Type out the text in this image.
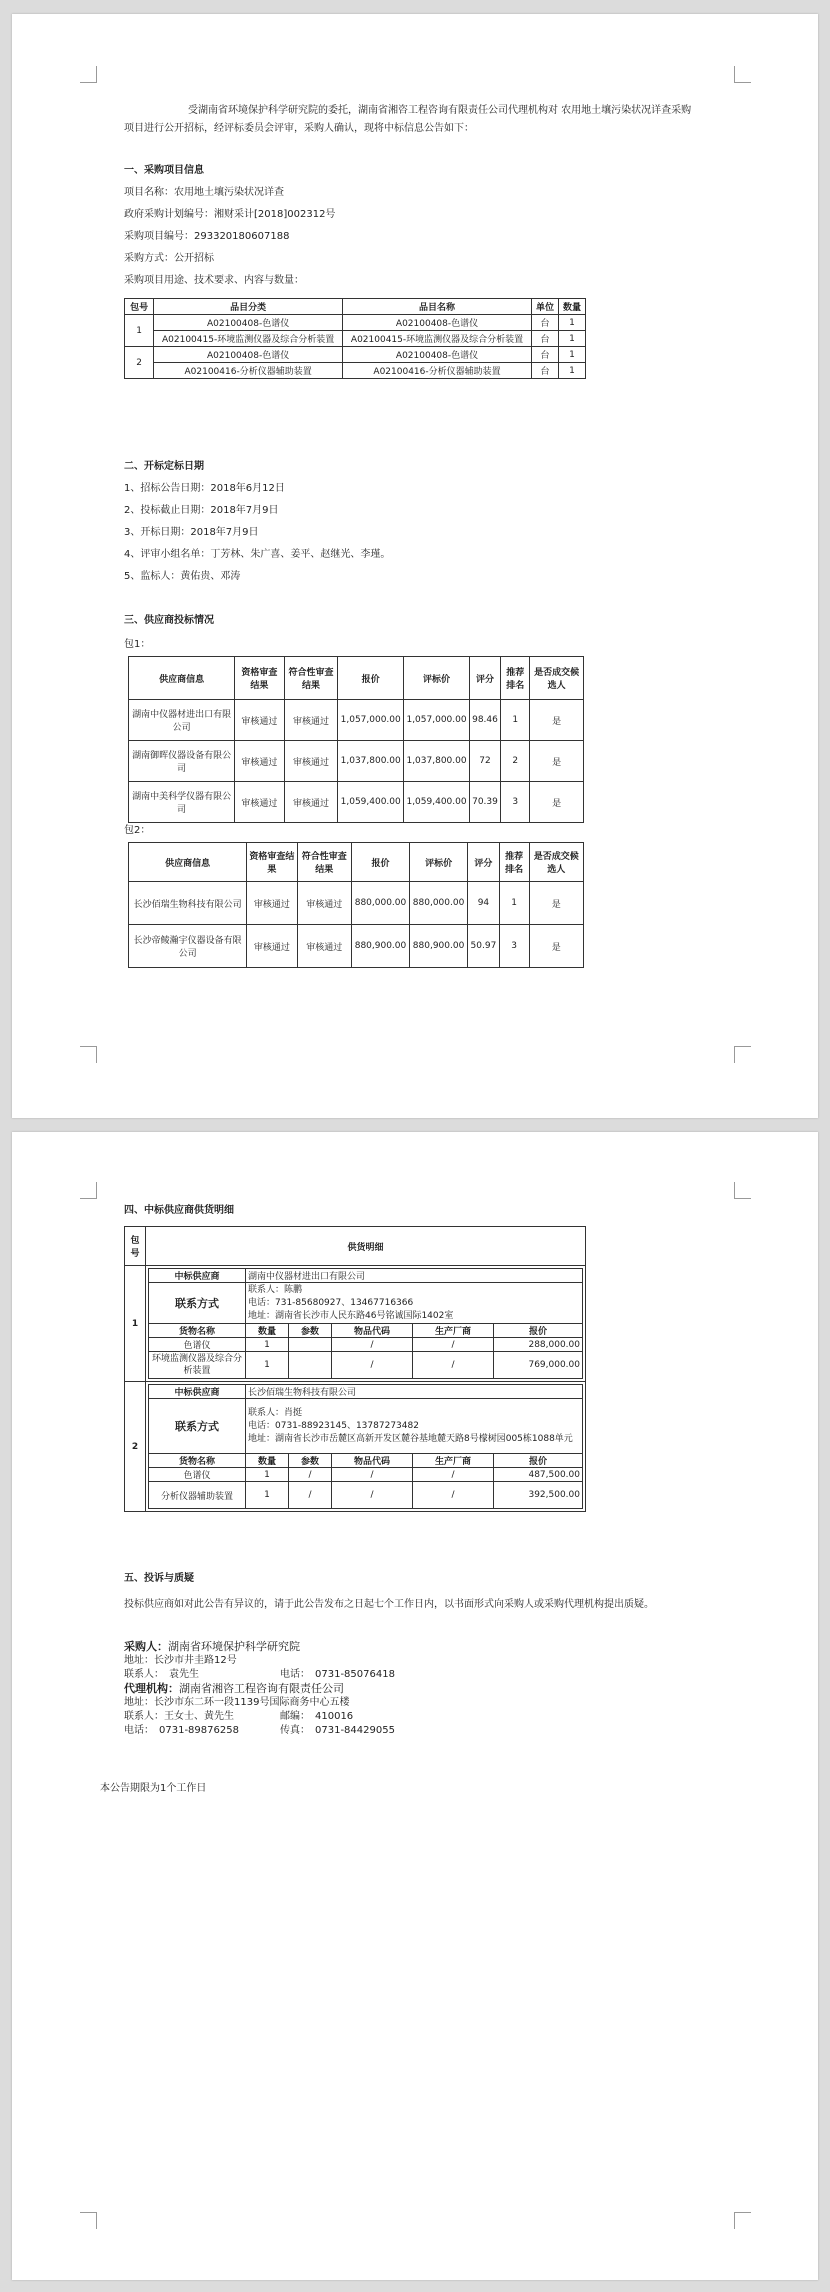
受湖南省环境保护科学研究院的委托，湖南省湘咨工程咨询有限责任公司代理机构对 农用地土壤污染状况详查采购
项目进行公开招标，经评标委员会评审，采购人确认，现将中标信息公告如下：
一、采购项目信息
项目名称：农用地土壤污染状况详查
政府采购计划编号：湘财采计[2018]002312号
采购项目编号：293320180607188
采购方式：公开招标
采购项目用途、技术要求、内容与数量：
包号	品目分类	品目名称	单位	数量
1	A02100408-色谱仪	A02100408-色谱仪	台	1
	A02100415-环境监测仪器及综合分析装置	A02100415-环境监测仪器及综合分析装置	台	1
2	A02100408-色谱仪	A02100408-色谱仪	台	1
	A02100416-分析仪器辅助装置	A02100416-分析仪器辅助装置	台	1
二、开标定标日期
1、招标公告日期：2018年6月12日
2、投标截止日期：2018年7月9日
3、开标日期：2018年7月9日
4、评审小组名单：丁芳林、朱广喜、姜平、赵继光、李瑾。
5、监标人：黄佑贵、邓涛
三、供应商投标情况
包1：
供应商信息	资格审查结果	符合性审查结果	报价	评标价	评分	推荐排名	是否成交候选人
湖南中仪器材进出口有限公司	审核通过	审核通过	1,057,000.00	1,057,000.00	98.46	1	是
湖南御晖仪器设备有限公司	审核通过	审核通过	1,037,800.00	1,037,800.00	72	2	是
湖南中美科学仪器有限公司	审核通过	审核通过	1,059,400.00	1,059,400.00	70.39	3	是
包2：
供应商信息	资格审查结果	符合性审查结果	报价	评标价	评分	推荐排名	是否成交候选人
长沙佰瑞生物科技有限公司	审核通过	审核通过	880,000.00	880,000.00	94	1	是
长沙帝鲮瀚宇仪器设备有限公司	审核通过	审核通过	880,900.00	880,900.00	50.97	3	是
四、中标供应商供货明细
包号	供货明细
1	
中标供应商	湖南中仪器材进出口有限公司
联系方式	
联系人：陈鹏
电话：731-85680927、13467716366
地址：湖南省长沙市人民东路46号铭诚国际1402室

货物名称	数量	参数	物品代码	生产厂商	报价
色谱仪	1		/	/	288,000.00
环境监测仪器及综合分析装置	1		/	/	769,000.00

2	
中标供应商	长沙佰瑞生物科技有限公司
联系方式	
联系人：肖挺
电话：0731-88923145、13787273482
地址：湖南省长沙市岳麓区高新开发区麓谷基地麓天路8号檬树园005栋1088单元

货物名称	数量	参数	物品代码	生产厂商	报价
色谱仪	1	/	/	/	487,500.00
分析仪器辅助装置	1	/	/	/	392,500.00
五、投诉与质疑
投标供应商如对此公告有异议的，请于此公告发布之日起七个工作日内，以书面形式向采购人或采购代理机构提出质疑。
采购人：湖南省环境保护科学研究院
地址：长沙市井圭路12号
联系人：　袁先生	电话：　0731-85076418
代理机构：湖南省湘咨工程咨询有限责任公司
地址：长沙市东二环一段1139号国际商务中心五楼
联系人：王女士、黄先生	邮编：　410016
电话：　0731-89876258	传真：　0731-84429055
本公告期限为1个工作日
